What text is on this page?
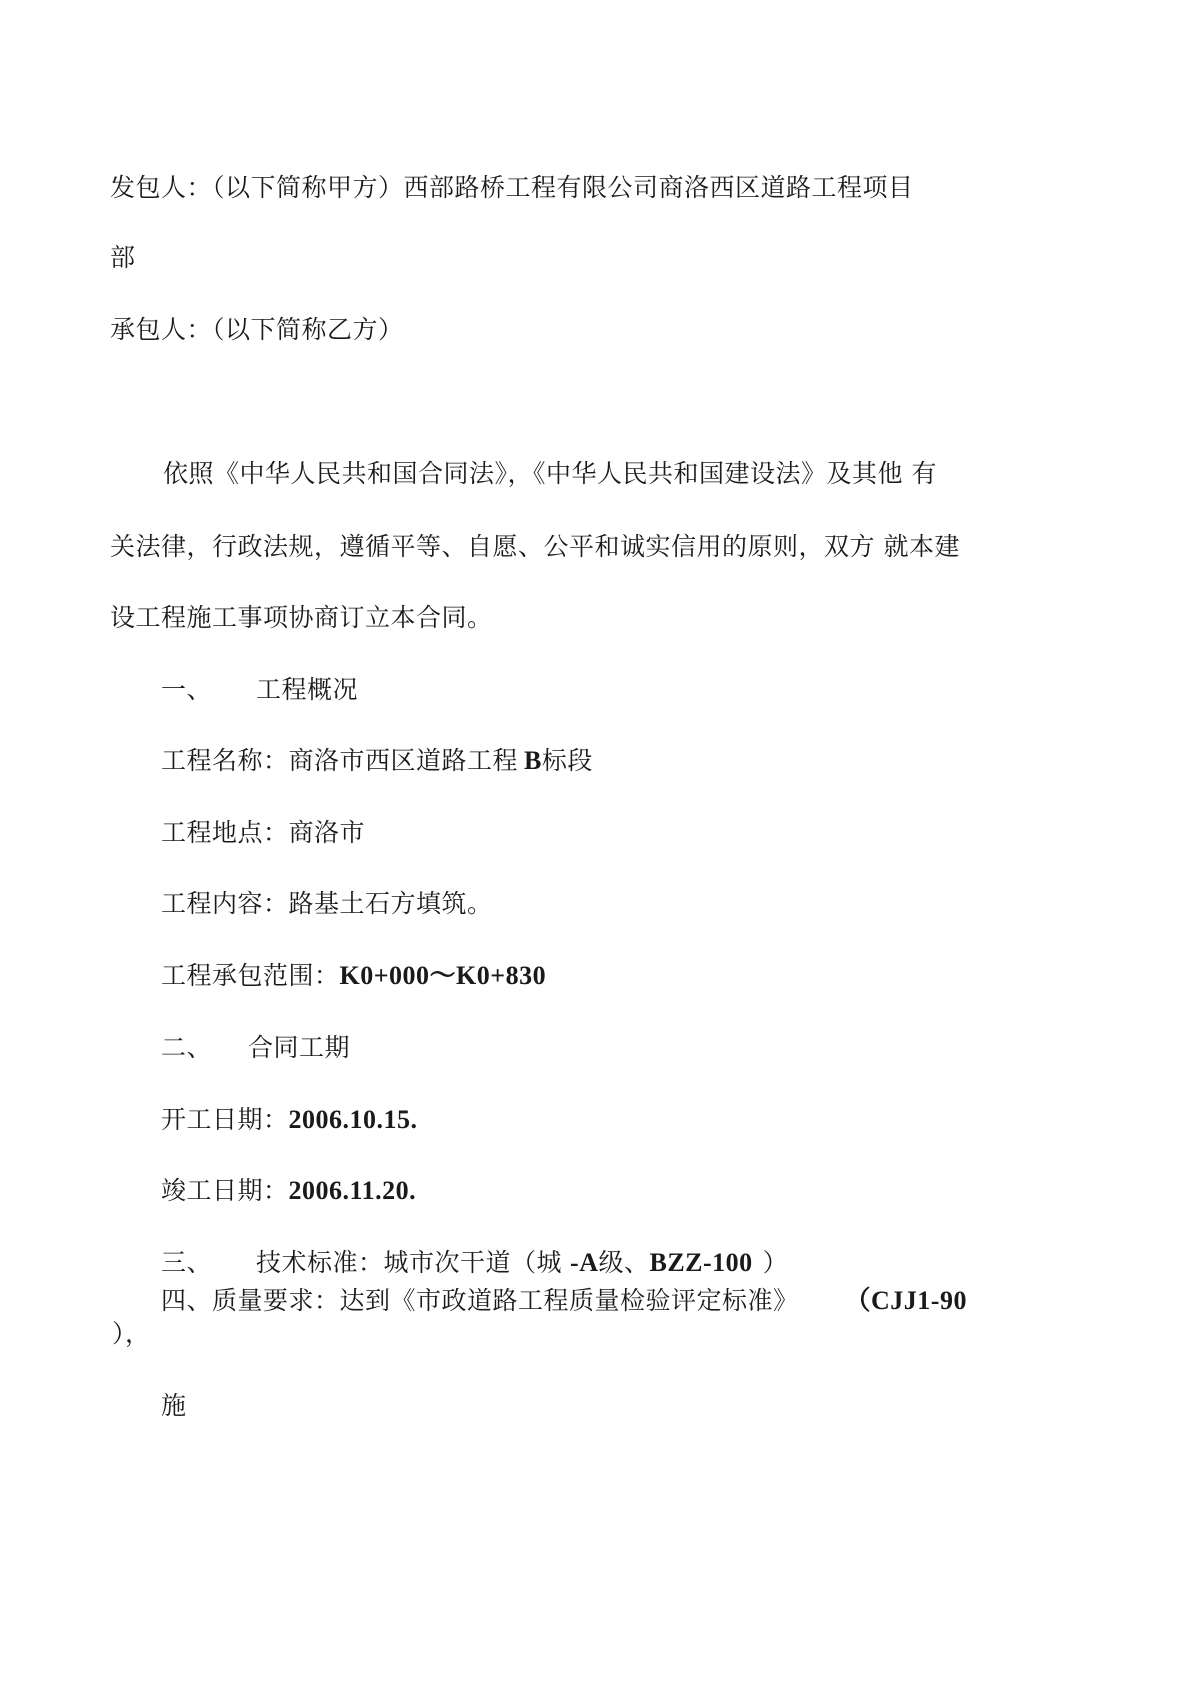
发包人：（以下简称甲方）西部路桥工程有限公司商洛西区道路工程项目
部
承包人：（以下简称乙方）
依照《中华人民共和国合同法》，《中华人民共和国建设法》及其他 有
关法律，行政法规，遵循平等、自愿、公平和诚实信用的原则，双方 就本建
设工程施工事项协商订立本合同。
一、 工程概况
工程名称：商洛市西区道路工程 B标段
工程地点：商洛市
工程内容：路基土石方填筑。
工程承包范围：K0+000～K0+830
二、 合同工期
开工日期：2006.10.15.
竣工日期：2006.11.20.
三、 技术标准：城市次干道（城 -A级、BZZ-100 ）
四、质量要求：达到《市政道路工程质量检验评定标准》 （CJJ1-90
），
施
